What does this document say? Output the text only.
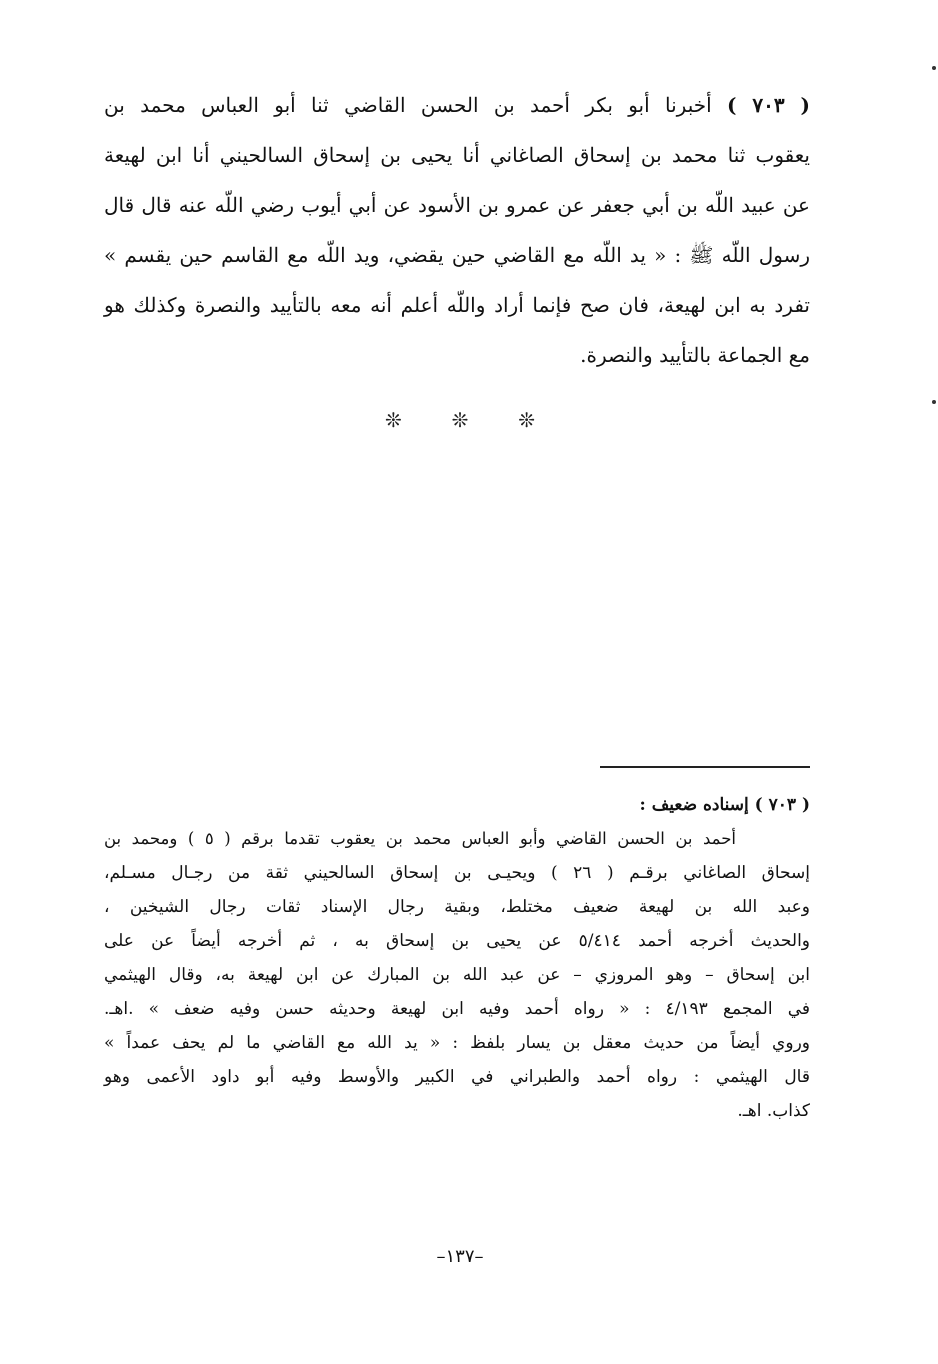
( ٧٠٣ ) أخبرنا أبو بكر أحمد بن الحسن القاضي ثنا أبو العباس محمد بن
يعقوب ثنا محمد بن إسحاق الصاغاني أنا يحيى بن إسحاق السالحيني أنا ابن لهيعة
عن عبيد اللّه بن أبي جعفر عن عمرو بن الأسود عن أبي أيوب رضي اللّه عنه قال قال
رسول اللّه ﷺ : « يد اللّه مع القاضي حين يقضي، ويد اللّه مع القاسم حين يقسم »
تفرد به ابن لهيعة، فان صح فإنما أراد واللّه أعلم أنه معه بالتأييد والنصرة وكذلك هو
مع الجماعة بالتأييد والنصرة.
❊ ❊ ❊
( ٧٠٣ ) إسناده ضعيف :
أحمد بن الحسن القاضي وأبو العباس محمد بن يعقوب تقدما برقم ( ٥ ) ومحمد بن
إسحاق الصاغاني برقـم ( ٢٦ ) ويحيـى بن إسحاق السالحيني ثقة من رجـال مسـلم،
وعبد الله بن لهيعة ضعيف مختلط، وبقية رجال الإسناد ثقات رجال الشيخين ،
والحديث أخرجه أحمد ٥/٤١٤ عن يحيى بن إسحاق به ، ثم أخرجه أيضاً عن على
ابن إسحاق – وهو المروزي – عن عبد الله بن المبارك عن ابن لهيعة به، وقال الهيثمي
في المجمع ٤/١٩٣ : « رواه أحمد وفيه ابن لهيعة وحديثه حسن وفيه ضعف » .اهـ.
وروي أيضاً من حديث معقل بن يسار بلفظ : « يد الله مع القاضي ما لم يحف عمداً »
قال الهيثمي : رواه أحمد والطبراني في الكبير والأوسط وفيه أبو داود الأعمى وهو
كذاب. اهـ.
–١٣٧–
